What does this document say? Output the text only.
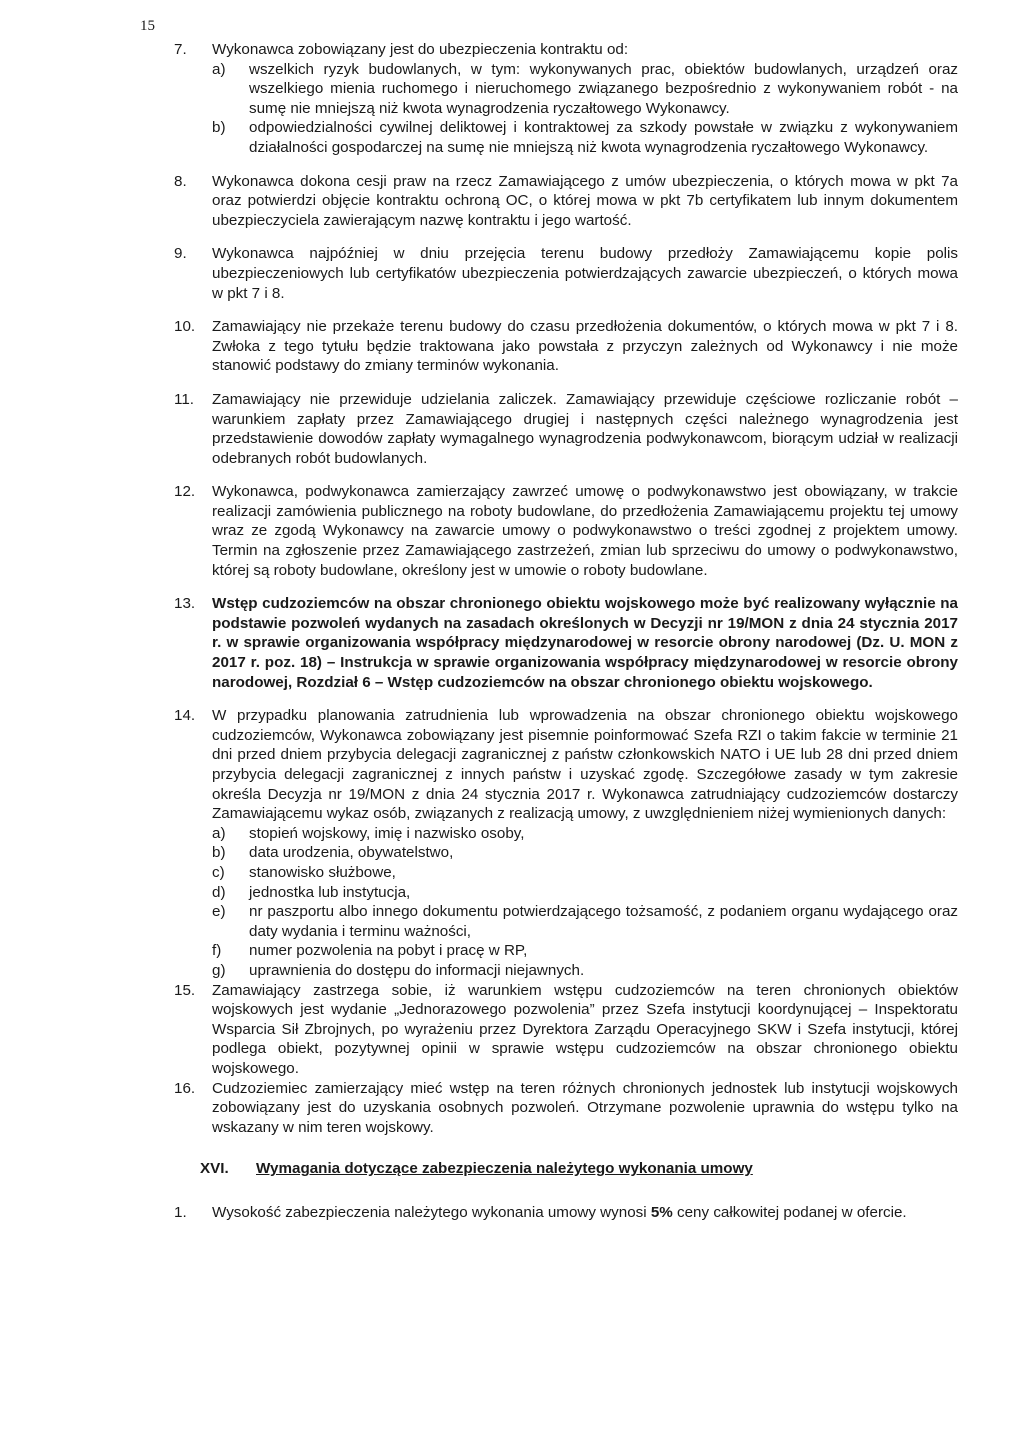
15
7.	Wykonawca zobowiązany jest do ubezpieczenia kontraktu od:
a)	wszelkich ryzyk budowlanych, w tym: wykonywanych prac, obiektów budowlanych, urządzeń oraz wszelkiego mienia ruchomego i nieruchomego związanego bezpośrednio z wykonywaniem robót - na sumę nie mniejszą niż kwota wynagrodzenia ryczałtowego Wykonawcy.
b)	odpowiedzialności cywilnej deliktowej i kontraktowej za szkody powstałe w związku z wykonywaniem działalności gospodarczej na sumę nie mniejszą niż kwota wynagrodzenia ryczałtowego Wykonawcy.
8.	Wykonawca dokona cesji praw na rzecz Zamawiającego z umów ubezpieczenia, o których mowa w pkt 7a oraz potwierdzi objęcie kontraktu ochroną OC, o której mowa w pkt 7b certyfikatem lub innym dokumentem ubezpieczyciela zawierającym nazwę kontraktu i jego wartość.
9.	Wykonawca najpóźniej w dniu przejęcia terenu budowy przedłoży Zamawiającemu kopie polis ubezpieczeniowych lub certyfikatów ubezpieczenia potwierdzających zawarcie ubezpieczeń, o których mowa w pkt 7 i 8.
10.	Zamawiający nie przekaże terenu budowy do czasu przedłożenia dokumentów, o których mowa w pkt 7 i 8. Zwłoka z tego tytułu będzie traktowana jako powstała z przyczyn zależnych od Wykonawcy i nie może stanowić podstawy do zmiany terminów wykonania.
11.	Zamawiający nie przewiduje udzielania zaliczek. Zamawiający przewiduje częściowe rozliczanie robót – warunkiem zapłaty przez Zamawiającego drugiej i następnych części należnego wynagrodzenia jest przedstawienie dowodów zapłaty wymagalnego wynagrodzenia podwykonawcom, biorącym udział w realizacji odebranych robót budowlanych.
12.	Wykonawca, podwykonawca zamierzający zawrzeć umowę o podwykonawstwo jest obowiązany, w trakcie realizacji zamówienia publicznego na roboty budowlane, do przedłożenia Zamawiającemu projektu tej umowy wraz ze zgodą Wykonawcy na zawarcie umowy o podwykonawstwo o treści zgodnej z projektem umowy. Termin na zgłoszenie przez Zamawiającego zastrzeżeń, zmian lub sprzeciwu do umowy o podwykonawstwo, której są roboty budowlane, określony jest w umowie o roboty budowlane.
13.	Wstęp cudzoziemców na obszar chronionego obiektu wojskowego może być realizowany wyłącznie na podstawie pozwoleń wydanych na zasadach określonych w Decyzji nr 19/MON z dnia 24 stycznia 2017 r. w sprawie organizowania współpracy międzynarodowej w resorcie obrony narodowej (Dz. U. MON z 2017 r. poz. 18) – Instrukcja w sprawie organizowania współpracy międzynarodowej w resorcie obrony narodowej, Rozdział 6 – Wstęp cudzoziemców na obszar chronionego obiektu wojskowego.
14.	W przypadku planowania zatrudnienia lub wprowadzenia na obszar chronionego obiektu wojskowego cudzoziemców, Wykonawca zobowiązany jest pisemnie poinformować Szefa RZI o takim fakcie w terminie 21 dni przed dniem przybycia delegacji zagranicznej z państw członkowskich NATO i UE lub 28 dni przed dniem przybycia delegacji zagranicznej z innych państw i uzyskać zgodę. Szczegółowe zasady w tym zakresie określa Decyzja nr 19/MON z dnia 24 stycznia 2017 r. Wykonawca zatrudniający cudzoziemców dostarczy Zamawiającemu wykaz osób, związanych z realizacją umowy, z uwzględnieniem niżej wymienionych danych:
a)	stopień wojskowy, imię i nazwisko osoby,
b)	data urodzenia, obywatelstwo,
c)	stanowisko służbowe,
d)	jednostka lub instytucja,
e)	nr paszportu albo innego dokumentu potwierdzającego tożsamość, z podaniem organu wydającego oraz daty wydania i terminu ważności,
f)	numer pozwolenia na pobyt i pracę w RP,
g)	uprawnienia do dostępu do informacji niejawnych.
15.	Zamawiający zastrzega sobie, iż warunkiem wstępu cudzoziemców na teren chronionych obiektów wojskowych jest wydanie „Jednorazowego pozwolenia” przez Szefa instytucji koordynującej – Inspektoratu Wsparcia Sił Zbrojnych, po wyrażeniu przez Dyrektora Zarządu Operacyjnego SKW i Szefa instytucji, której podlega obiekt, pozytywnej opinii w sprawie wstępu cudzoziemców na obszar chronionego obiektu wojskowego.
16.	Cudzoziemiec zamierzający mieć wstęp na teren różnych chronionych jednostek lub instytucji wojskowych zobowiązany jest do uzyskania osobnych pozwoleń. Otrzymane pozwolenie uprawnia do wstępu tylko na wskazany w nim teren wojskowy.
XVI.	Wymagania dotyczące zabezpieczenia należytego wykonania umowy
1.	Wysokość zabezpieczenia należytego wykonania umowy wynosi 5% ceny całkowitej podanej w ofercie.
